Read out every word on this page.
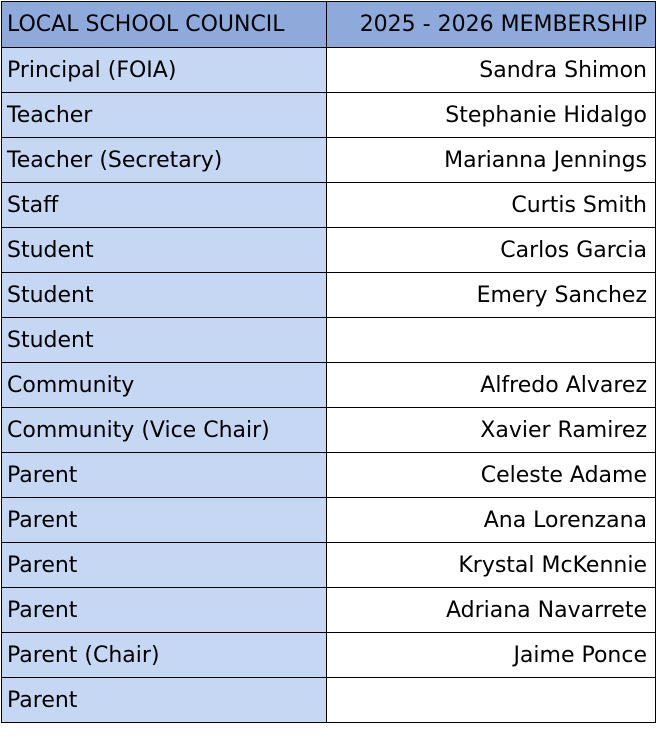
LOCAL SCHOOL COUNCIL	2025 - 2026 MEMBERSHIP
Principal (FOIA)	Sandra Shimon
Teacher	Stephanie Hidalgo
Teacher (Secretary)	Marianna Jennings
Staff	Curtis Smith
Student	Carlos Garcia
Student	Emery Sanchez
Student	
Community	Alfredo Alvarez
Community (Vice Chair)	Xavier Ramirez
Parent	Celeste Adame
Parent	Ana Lorenzana
Parent	Krystal McKennie
Parent	Adriana Navarrete
Parent (Chair)	Jaime Ponce
Parent	
